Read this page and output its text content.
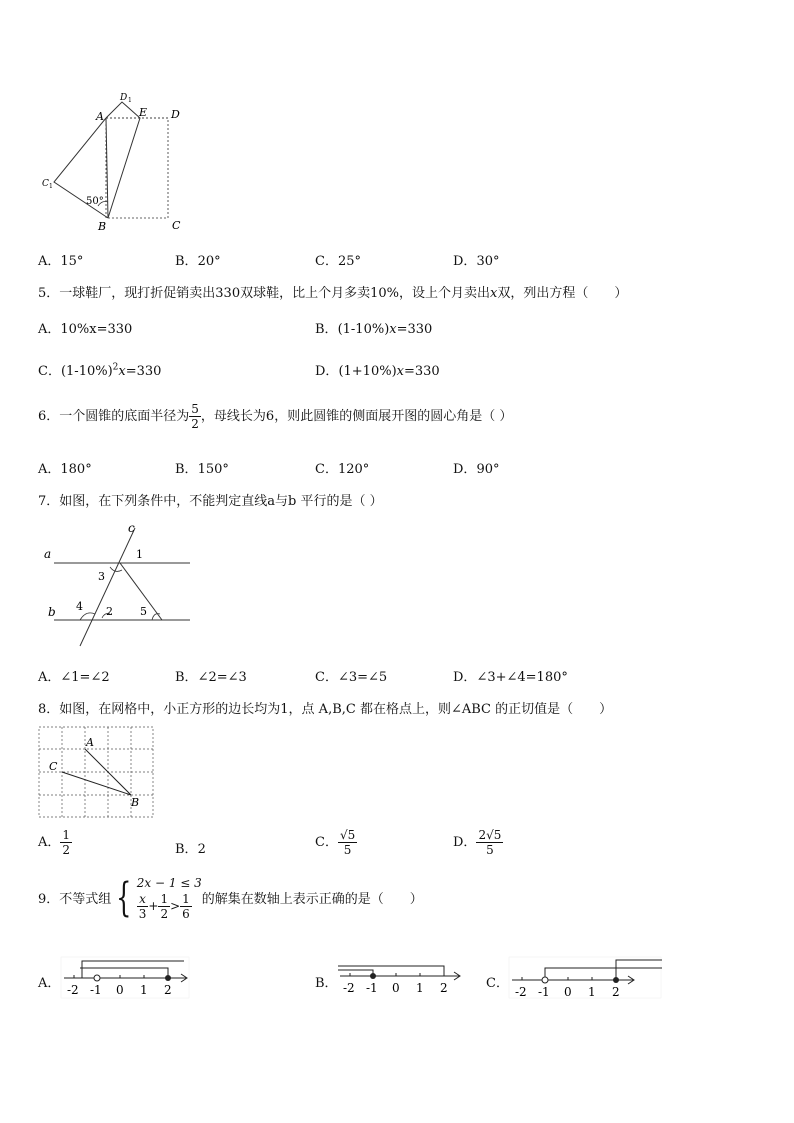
A
D 1
E D
C 1
50°
B	C
A．15°	B．20°	C．25°	D．30°
5．一球鞋厂，现打折促销卖出330双球鞋，比上个月多卖10%，设上个月卖出x双，列出方程（　　）
A．10%x=330	B．(1-10%)x=330
C．$(1-10\%)^2x=330$	D．(1+10%)x=330
6．一个圆锥的底面半径为 $\frac{5}{2}$ ，母线长为6，则此圆锥的侧面展开图的圆心角是（ ）
A．180°	B．150°	C．120°	D．90°
7．如图，在下列条件中，不能判定直线a与b 平行的是（ ）
a
b
c
1
3
4 2 5
A．∠1=∠2	B．∠2=∠3	C．∠3=∠5	D．∠3+∠4=180°
8．如图，在网格中，小正方形的边长均为1，点 A,B,C 都在格点上，则∠ABC 的正切值是（　　）
A
C
B
A． $\frac{1}{2}$	B．2	C． $\frac{√5}{5}$	D． $\frac{2√5}{5}$
9．不等式组 { 2x − 1 ≤ 3

$\frac{x}{3} + \frac{1}{2} > \frac{1}{6}$ 的解集在数轴上表示正确的是（　　）
A． -2 -1 0 1 2	B． -2 -1 0 1 2	C．
-2 -1 0 1 2
